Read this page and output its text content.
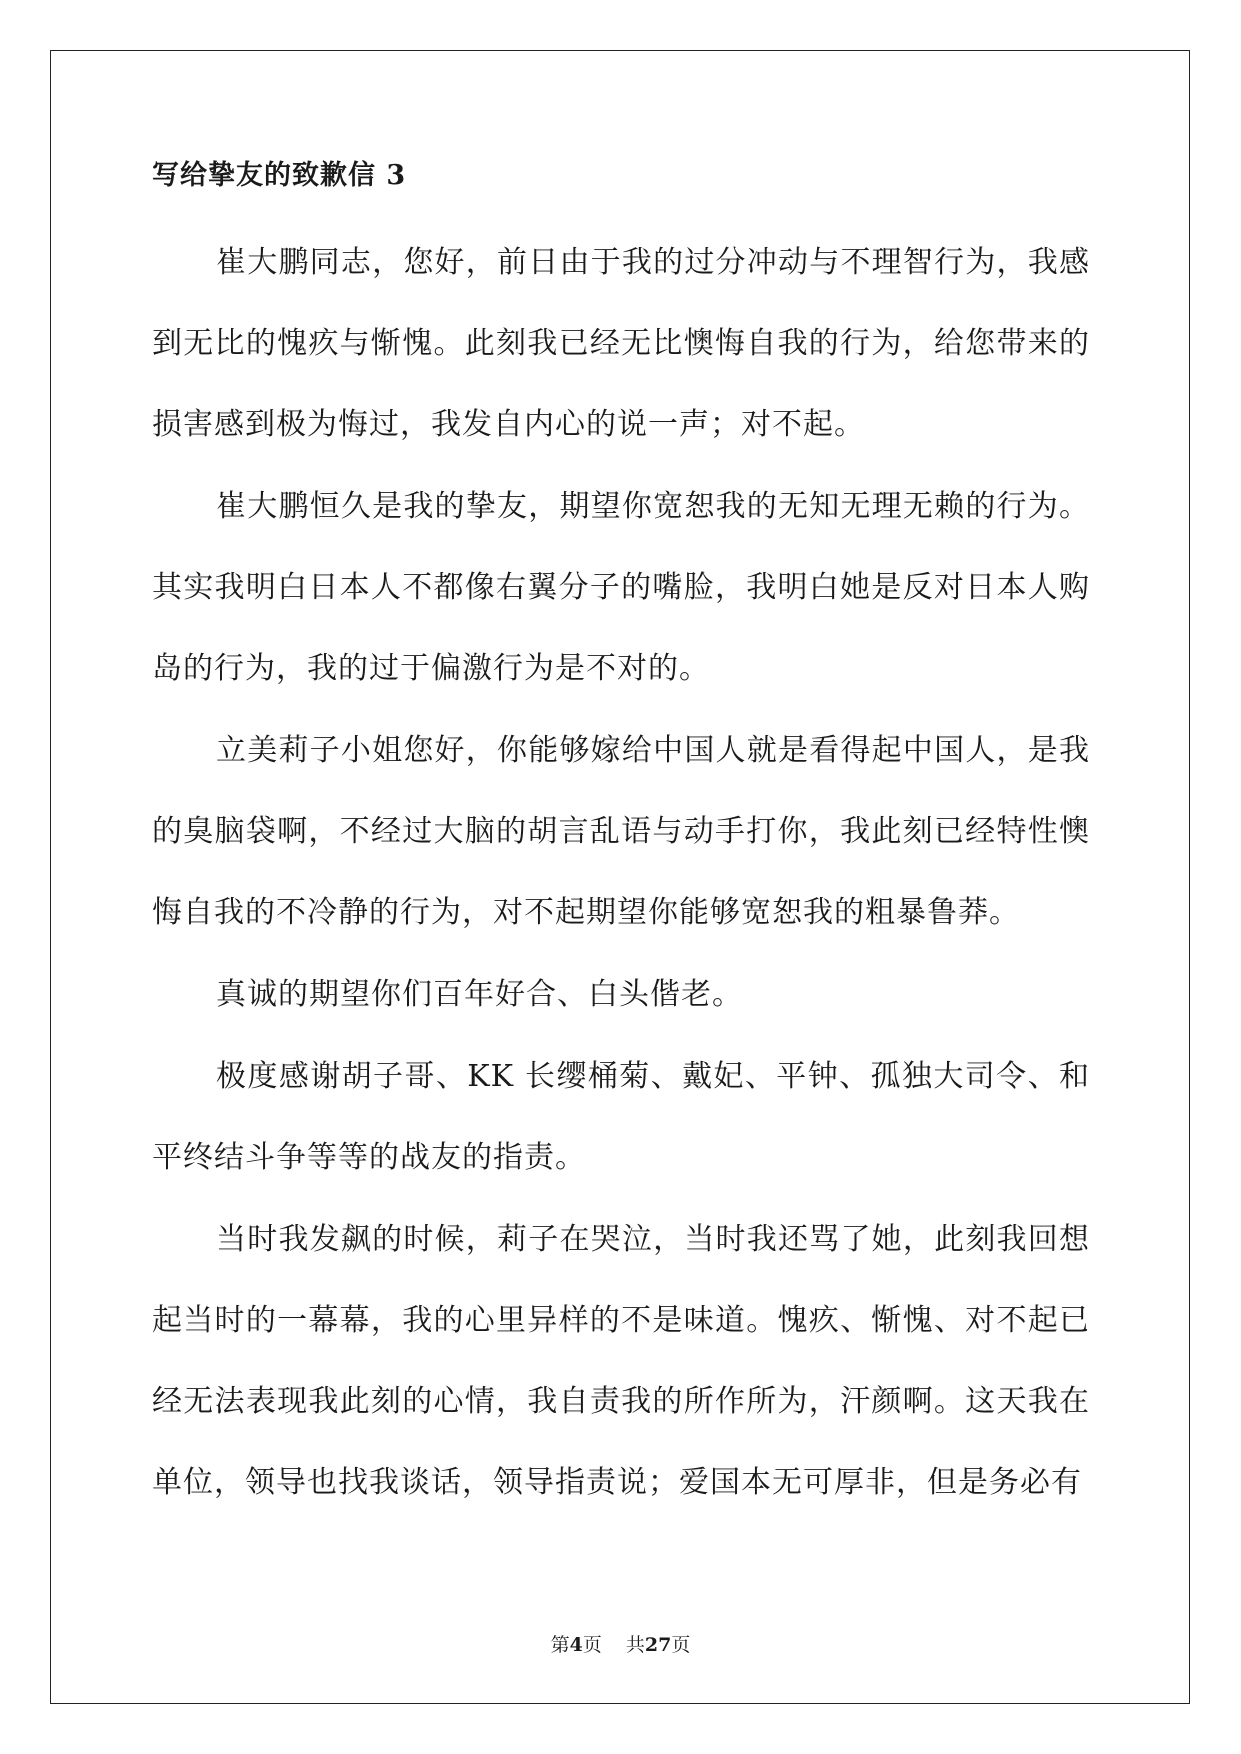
写给挚友的致歉信 3

崔大鹏同志，您好，前日由于我的过分冲动与不理智行为，我感到无比的愧疚与惭愧。此刻我已经无比懊悔自我的行为，给您带来的损害感到极为悔过，我发自内心的说一声；对不起。

崔大鹏恒久是我的挚友，期望你宽恕我的无知无理无赖的行为。其实我明白日本人不都像右翼分子的嘴脸，我明白她是反对日本人购岛的行为，我的过于偏激行为是不对的。

立美莉子小姐您好，你能够嫁给中国人就是看得起中国人，是我的臭脑袋啊，不经过大脑的胡言乱语与动手打你，我此刻已经特性懊悔自我的不冷静的行为，对不起期望你能够宽恕我的粗暴鲁莽。

真诚的期望你们百年好合、白头偕老。

极度感谢胡子哥、KK 长缨桶菊、戴妃、平钟、孤独大司令、和平终结斗争等等的战友的指责。

当时我发飙的时候，莉子在哭泣，当时我还骂了她，此刻我回想起当时的一幕幕，我的心里异样的不是味道。愧疚、惭愧、对不起已经无法表现我此刻的心情，我自责我的所作所为，汗颜啊。这天我在单位，领导也找我谈话，领导指责说；爱国本无可厚非，但是务必有

第4页 共27页
